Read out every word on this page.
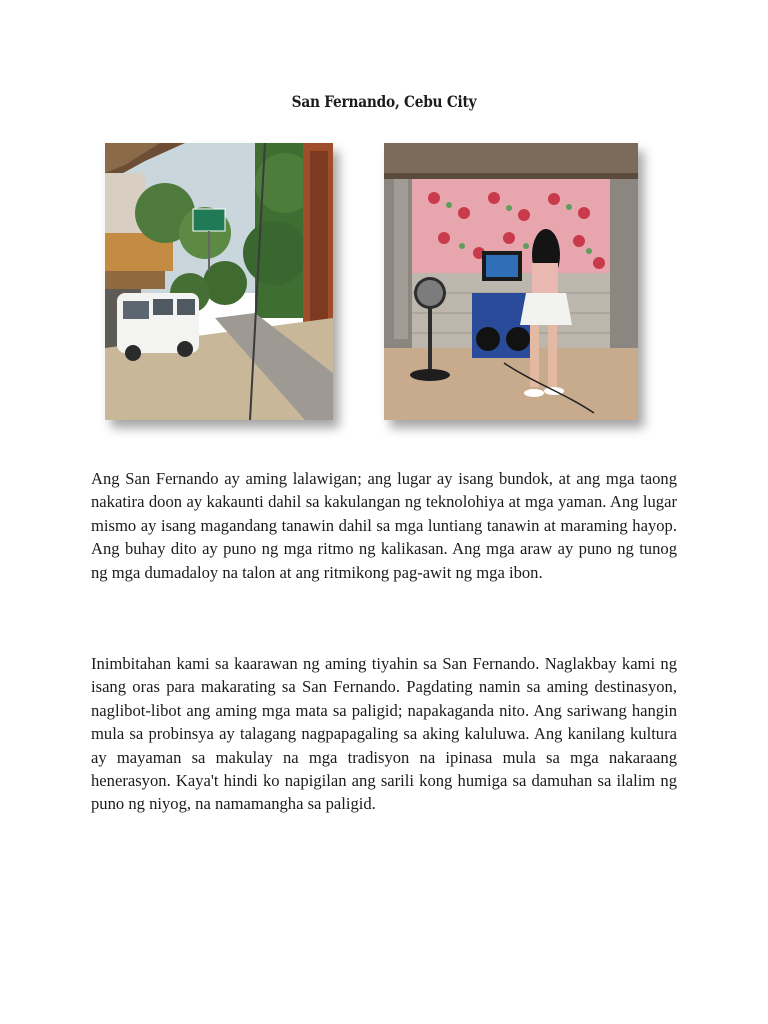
San Fernando, Cebu City

Ang San Fernando ay aming lalawigan; ang lugar ay isang bundok, at ang mga taong nakatira doon ay kakaunti dahil sa kakulangan ng teknolohiya at mga yaman. Ang lugar mismo ay isang magandang tanawin dahil sa mga luntiang tanawin at maraming hayop. Ang buhay dito ay puno ng mga ritmo ng kalikasan. Ang mga araw ay puno ng tunog ng mga dumadaloy na talon at ang ritmikong pag-awit ng mga ibon.

Inimbitahan kami sa kaarawan ng aming tiyahin sa San Fernando. Naglakbay kami ng isang oras para makarating sa San Fernando. Pagdating namin sa aming destinasyon, naglibot-libot ang aming mga mata sa paligid; napakaganda nito. Ang sariwang hangin mula sa probinsya ay talagang nagpapagaling sa aking kaluluwa. Ang kanilang kultura ay mayaman sa makulay na mga tradisyon na ipinasa mula sa mga nakaraang henerasyon. Kaya't hindi ko napigilan ang sarili kong humiga sa damuhan sa ilalim ng puno ng niyog, na namamangha sa paligid.
